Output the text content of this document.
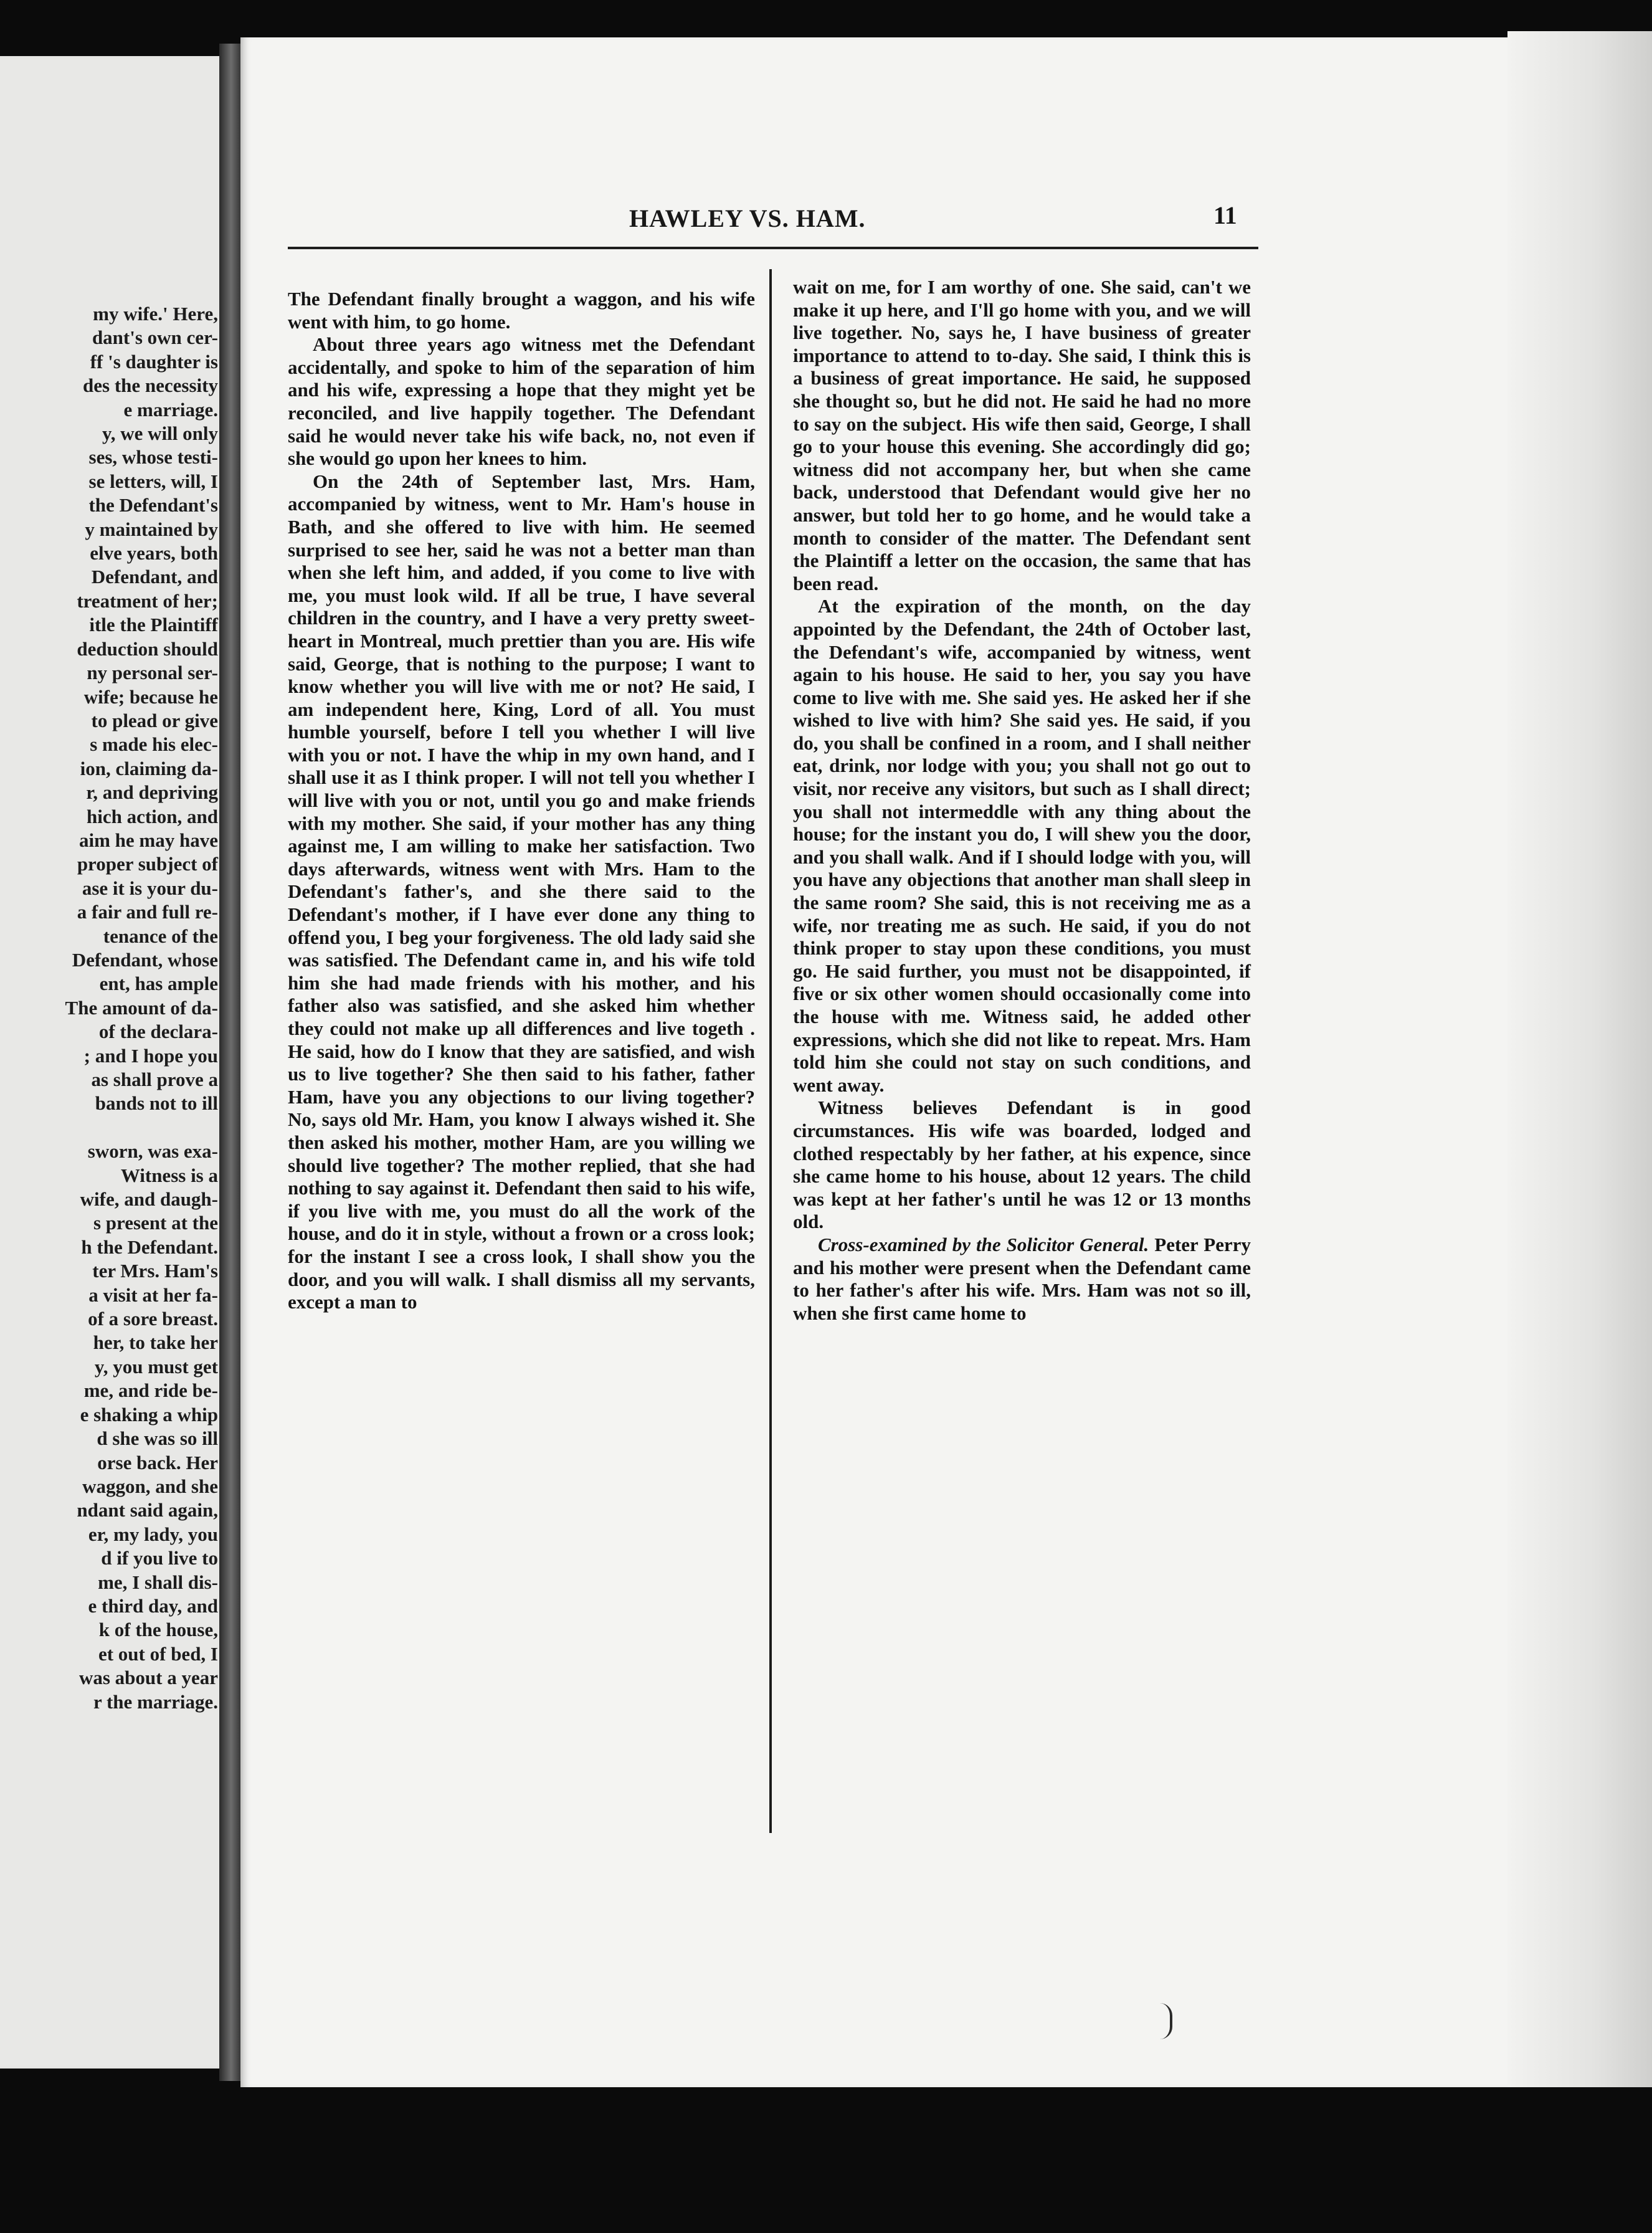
my wife.' Here,
dant's own cer-
ff 's daughter is
des the necessity
e marriage.
y, we will only
ses, whose testi-
se letters, will, I
the Defendant's
y maintained by
elve years, both
Defendant, and
treatment of her;
itle the Plaintiff
deduction should
ny personal ser-
wife; because he
to plead or give
s made his elec-
ion, claiming da-
r, and depriving
hich action, and
aim he may have
proper subject of
ase it is your du-
a fair and full re-
tenance of the
Defendant, whose
ent, has ample
The amount of da-
of the declara-
; and I hope you
as shall prove a
bands not to ill

sworn, was exa-
Witness is a
wife, and daugh-
s present at the
h the Defendant.
ter Mrs. Ham's
a visit at her fa-
of a sore breast.
her, to take her
y, you must get
me, and ride be-
e shaking a whip
d she was so ill
orse back. Her
waggon, and she
ndant said again,
er, my lady, you
d if you live to
me, I shall dis-
e third day, and
k of the house,
et out of bed, I
was about a year
r the marriage.
HAWLEY VS. HAM.	11

The Defendant finally brought a waggon, and his wife went with him, to go home.

About three years ago witness met the Defendant accidentally, and spoke to him of the separation of him and his wife, expressing a hope that they might yet be reconciled, and live happily together. The Defendant said he would never take his wife back, no, not even if she would go upon her knees to him.

On the 24th of September last, Mrs. Ham, accompanied by witness, went to Mr. Ham's house in Bath, and she offered to live with him. He seemed surprised to see her, said he was not a better man than when she left him, and added, if you come to live with me, you must look wild. If all be true, I have several children in the country, and I have a very pretty sweet-heart in Montreal, much prettier than you are. His wife said, George, that is nothing to the purpose; I want to know whether you will live with me or not? He said, I am independent here, King, Lord of all. You must humble yourself, before I tell you whether I will live with you or not. I have the whip in my own hand, and I shall use it as I think proper. I will not tell you whether I will live with you or not, until you go and make friends with my mother. She said, if your mother has any thing against me, I am willing to make her satisfaction. Two days afterwards, witness went with Mrs. Ham to the Defendant's father's, and she there said to the Defendant's mother, if I have ever done any thing to offend you, I beg your forgiveness. The old lady said she was satisfied. The Defendant came in, and his wife told him she had made friends with his mother, and his father also was satisfied, and she asked him whether they could not make up all differences and live togeth . He said, how do I know that they are satisfied, and wish us to live together? She then said to his father, father Ham, have you any objections to our living together? No, says old Mr. Ham, you know I always wished it. She then asked his mother, mother Ham, are you willing we should live together? The mother replied, that she had nothing to say against it. Defendant then said to his wife, if you live with me, you must do all the work of the house, and do it in style, without a frown or a cross look; for the instant I see a cross look, I shall show you the door, and you will walk. I shall dismiss all my servants, except a man to

wait on me, for I am worthy of one. She said, can't we make it up here, and I'll go home with you, and we will live together. No, says he, I have business of greater importance to attend to to-day. She said, I think this is a business of great importance. He said, he supposed she thought so, but he did not. He said he had no more to say on the subject. His wife then said, George, I shall go to your house this evening. She accordingly did go; witness did not accompany her, but when she came back, understood that Defendant would give her no answer, but told her to go home, and he would take a month to consider of the matter. The Defendant sent the Plaintiff a letter on the occasion, the same that has been read.

At the expiration of the month, on the day appointed by the Defendant, the 24th of October last, the Defendant's wife, accompanied by witness, went again to his house. He said to her, you say you have come to live with me. She said yes. He asked her if she wished to live with him? She said yes. He said, if you do, you shall be confined in a room, and I shall neither eat, drink, nor lodge with you; you shall not go out to visit, nor receive any visitors, but such as I shall direct; you shall not intermeddle with any thing about the house; for the instant you do, I will shew you the door, and you shall walk. And if I should lodge with you, will you have any objections that another man shall sleep in the same room? She said, this is not receiving me as a wife, nor treating me as such. He said, if you do not think proper to stay upon these conditions, you must go. He said further, you must not be disappointed, if five or six other women should occasionally come into the house with me. Witness said, he added other expressions, which she did not like to repeat. Mrs. Ham told him she could not stay on such conditions, and went away.

Witness believes Defendant is in good circumstances. His wife was boarded, lodged and clothed respectably by her father, at his expence, since she came home to his house, about 12 years. The child was kept at her father's until he was 12 or 13 months old.

Cross-examined by the Solicitor General. Peter Perry and his mother were present when the Defendant came to her father's after his wife. Mrs. Ham was not so ill, when she first came home to
